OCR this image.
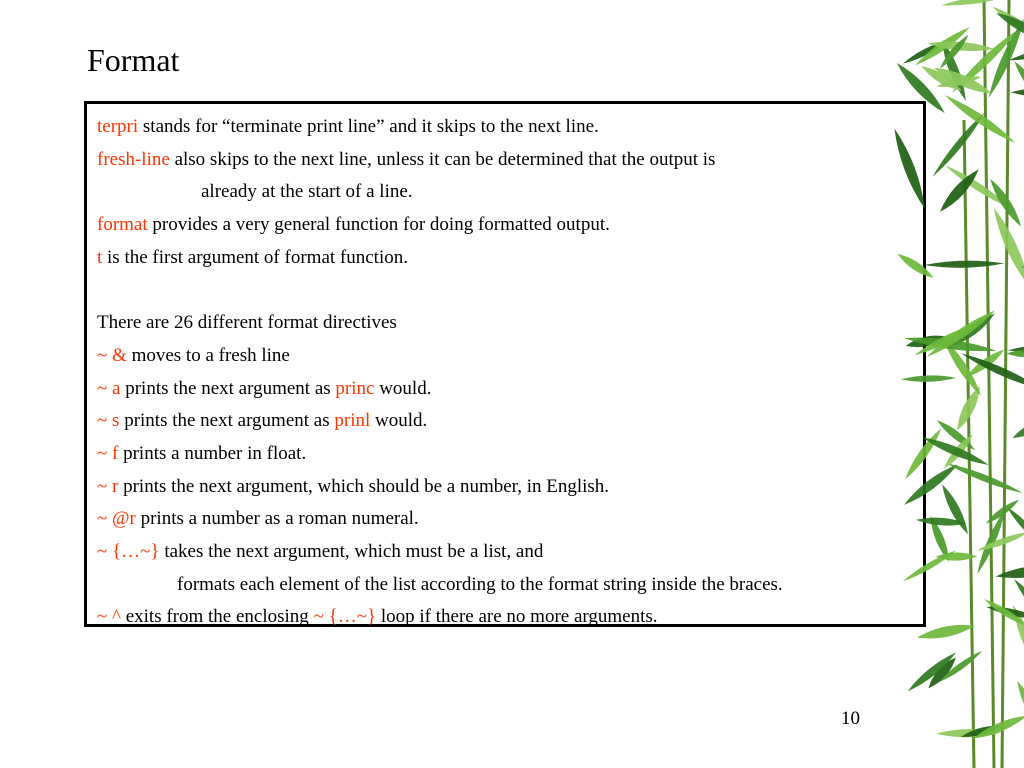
Format
terpri stands for “terminate print line” and it skips to the next line.
fresh-line also skips to the next line, unless it can be determined that the output is
already at the start of a line.
format provides a very general function for doing formatted output.
t is the first argument of format function.
There are 26 different format directives
~ & moves to a fresh line
~ a prints the next argument as princ would.
~ s prints the next argument as prinl would.
~ f prints a number in float.
~ r prints the next argument, which should be a number, in English.
~ @r prints a number as a roman numeral.
~ {…~} takes the next argument, which must be a list, and
formats each element of the list according to the format string inside the braces.
~ ^ exits from the enclosing ~ {…~} loop if there are no more arguments.
10
